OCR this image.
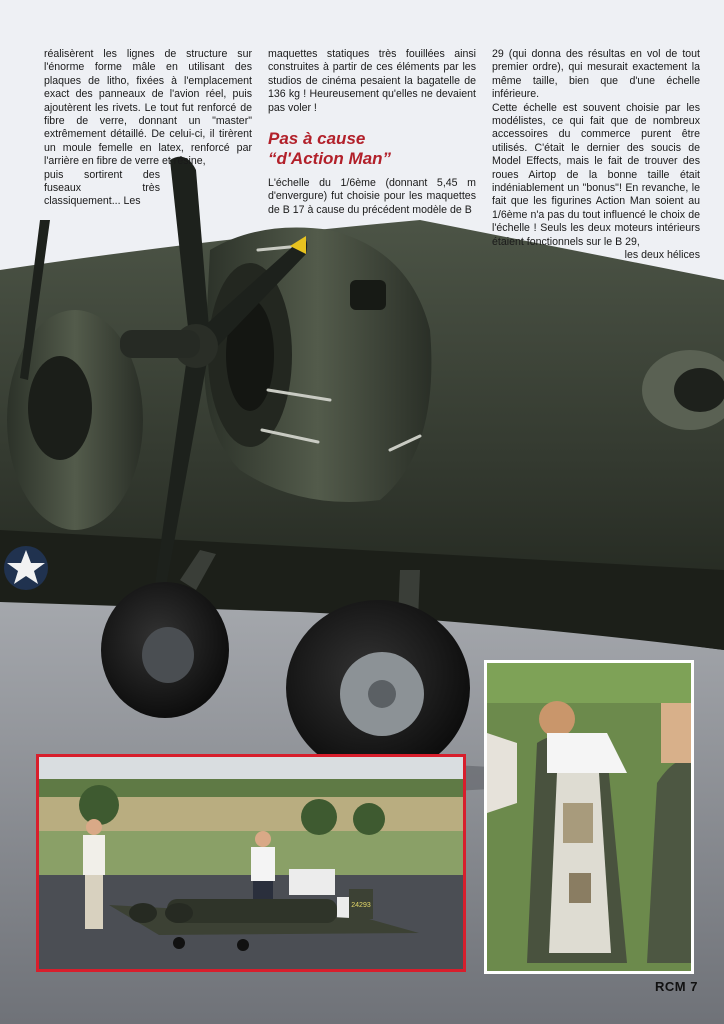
réalisèrent les lignes de structure sur l'énorme forme mâle en utilisant des plaques de litho, fixées à l'emplacement exact des panneaux de l'avion réel, puis ajoutèrent les rivets. Le tout fut renforcé de fibre de verre, donnant un "master" extrêmement détaillé. De celui-ci, il tirèrent un moule femelle en latex, renforcé par l'arrière en fibre de verre et résine,

puis sortirent des fuseaux très classiquement... Les

maquettes statiques très fouillées ainsi construites à partir de ces éléments par les studios de cinéma pesaient la bagatelle de 136 kg ! Heureusement qu'elles ne devaient pas voler !

Pas à cause
“d'Action Man”

L'échelle du 1/6ème (donnant 5,45 m d'envergure) fut choisie pour les maquettes de B 17 à cause du précédent modèle de B

29 (qui donna des résultas en vol de tout premier ordre), qui mesurait exactement la même taille, bien que d'une échelle inférieure.

Cette échelle est souvent choisie par les modélistes, ce qui fait que de nombreux accessoires du commerce purent être utilisés. C'était le dernier des soucis de Model Effects, mais le fait de trouver des roues Airtop de la bonne taille était indéniablement un "bonus"! En revanche, le fait que les figurines Action Man soient au 1/6ème n'a pas du tout influencé le choix de l'échelle ! Seuls les deux moteurs intérieurs étaient fonctionnels sur le B 29,

les deux hélices

24293
RCM 7
